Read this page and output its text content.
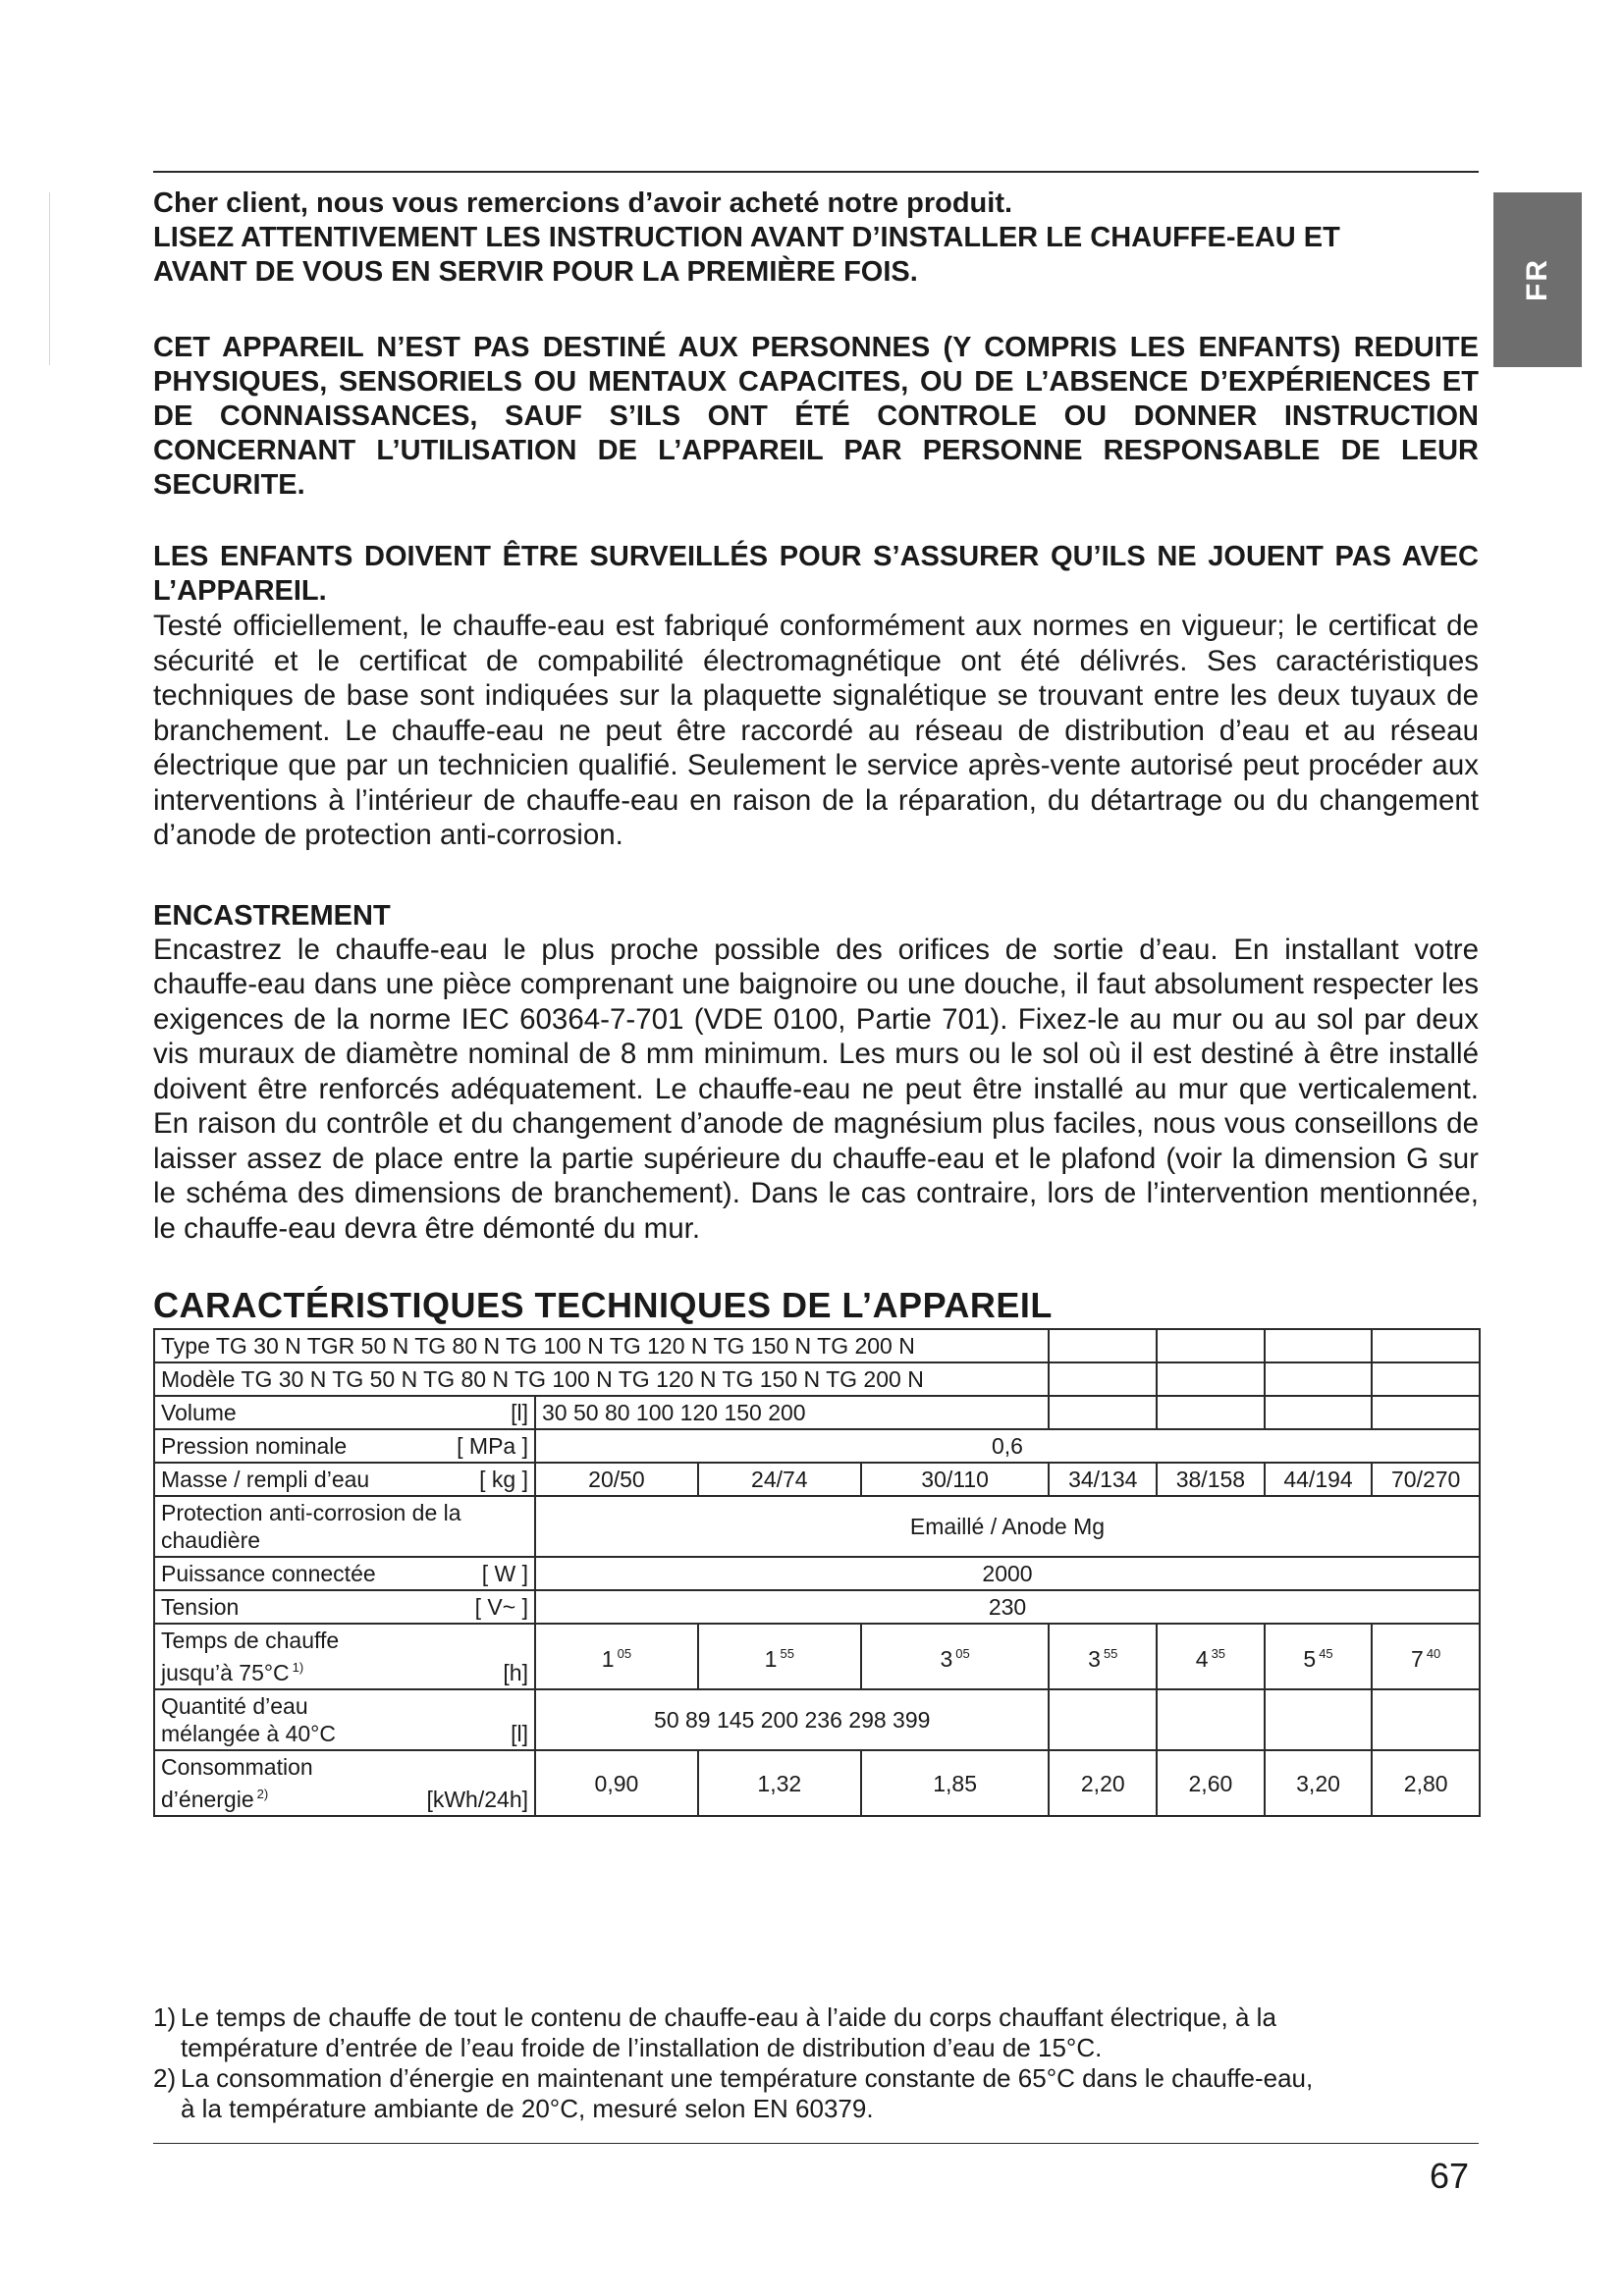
FR

Cher client, nous vous remercions d’avoir acheté notre produit.

LISEZ ATTENTIVEMENT LES INSTRUCTION AVANT D’INSTALLER LE CHAUFFE-EAU ET

AVANT DE VOUS EN SERVIR POUR LA PREMIÈRE FOIS.

CET APPAREIL N’EST PAS DESTINÉ AUX PERSONNES (Y COMPRIS LES ENFANTS) REDUITE PHYSIQUES, SENSORIELS OU MENTAUX CAPACITES, OU DE L’ABSENCE D’EXPÉRIENCES ET DE CONNAISSANCES, SAUF S’ILS ONT ÉTÉ CONTROLE OU DONNER INSTRUCTION CONCERNANT L’UTILISATION DE L’APPAREIL PAR PERSONNE RESPONSABLE DE LEUR SECURITE.

LES ENFANTS DOIVENT ÊTRE SURVEILLÉS POUR S’ASSURER QU’ILS NE JOUENT PAS AVEC L’APPAREIL.

Testé officiellement, le chauffe-eau est fabriqué conformément aux normes en vigueur; le certificat de sécurité et le certificat de compabilité électromagnétique ont été délivrés. Ses caractéristiques techniques de base sont indiquées sur la plaquette signalétique se trouvant entre les deux tuyaux de branchement. Le chauffe-eau ne peut être raccordé au réseau de distribution d’eau et au réseau électrique que par un technicien qualifié. Seulement le service après-vente autorisé peut procéder aux interventions à l’intérieur de chauffe-eau en raison de la réparation, du détartrage ou du changement d’anode de protection anti-corrosion.

ENCASTREMENT

Encastrez le chauffe-eau le plus proche possible des orifices de sortie d’eau. En installant votre chauffe-eau dans une pièce comprenant une baignoire ou une douche, il faut absolument respecter les exigences de la norme IEC 60364-7-701 (VDE 0100, Partie 701). Fixez-le au mur ou au sol par deux vis muraux de diamètre nominal de 8 mm minimum. Les murs ou le sol où il est destiné à être installé doivent être renforcés adéquatement. Le chauffe-eau ne peut être installé au mur que verticalement. En raison du contrôle et du changement d’anode de magnésium plus faciles, nous vous conseillons de laisser assez de place entre la partie supérieure du chauffe-eau et le plafond (voir la dimension G sur le schéma des dimensions de branchement). Dans le cas contraire, lors de l’intervention mentionnée, le chauffe-eau devra être démonté du mur.

CARACTÉRISTIQUES TECHNIQUES DE L’APPAREIL

Type TG 30 N TGR 50 N TG 80 N TG 100 N TG 120 N TG 150 N TG 200 N							
Modèle TG 30 N TG 50 N TG 80 N TG 100 N TG 120 N TG 150 N TG 200 N							

Volume [l]	30 50 80 100 120 150 200						

Pression nominale [ MPa ]	0,6						

Masse / rempli d’eau [ kg ]	20/50	24/74	30/110	34/134	38/158	44/194	70/270
Protection anti-corrosion de la chaudière	Emaillé / Anode Mg						

Puissance connectée [ W ]	2000						

Tension [ V~ ]	230						

Temps de chauffe
jusqu’à 75°C $^{1)}$ [h]	1 $^{05}$	1 $^{55}$	3 $^{05}$	3 $^{55}$	4 $^{35}$	5 $^{45}$	7 $^{40}$

Quantité d’eau
mélangée à 40°C [l]	50 89 145 200 236 298 399						

Consommation
d’énergie $^{2)}$ [kWh/24h]	0,90	1,32	1,85	2,20	2,60	3,20	2,80
1) Le temps de chauffe de tout le contenu de chauffe-eau à l’aide du corps chauffant électrique, à la
température d’entrée de l’eau froide de l’installation de distribution d’eau de 15°C.
2) La consommation d’énergie en maintenant une température constante de 65°C dans le chauffe-eau,
à la température ambiante de 20°C, mesuré selon EN 60379.
67
